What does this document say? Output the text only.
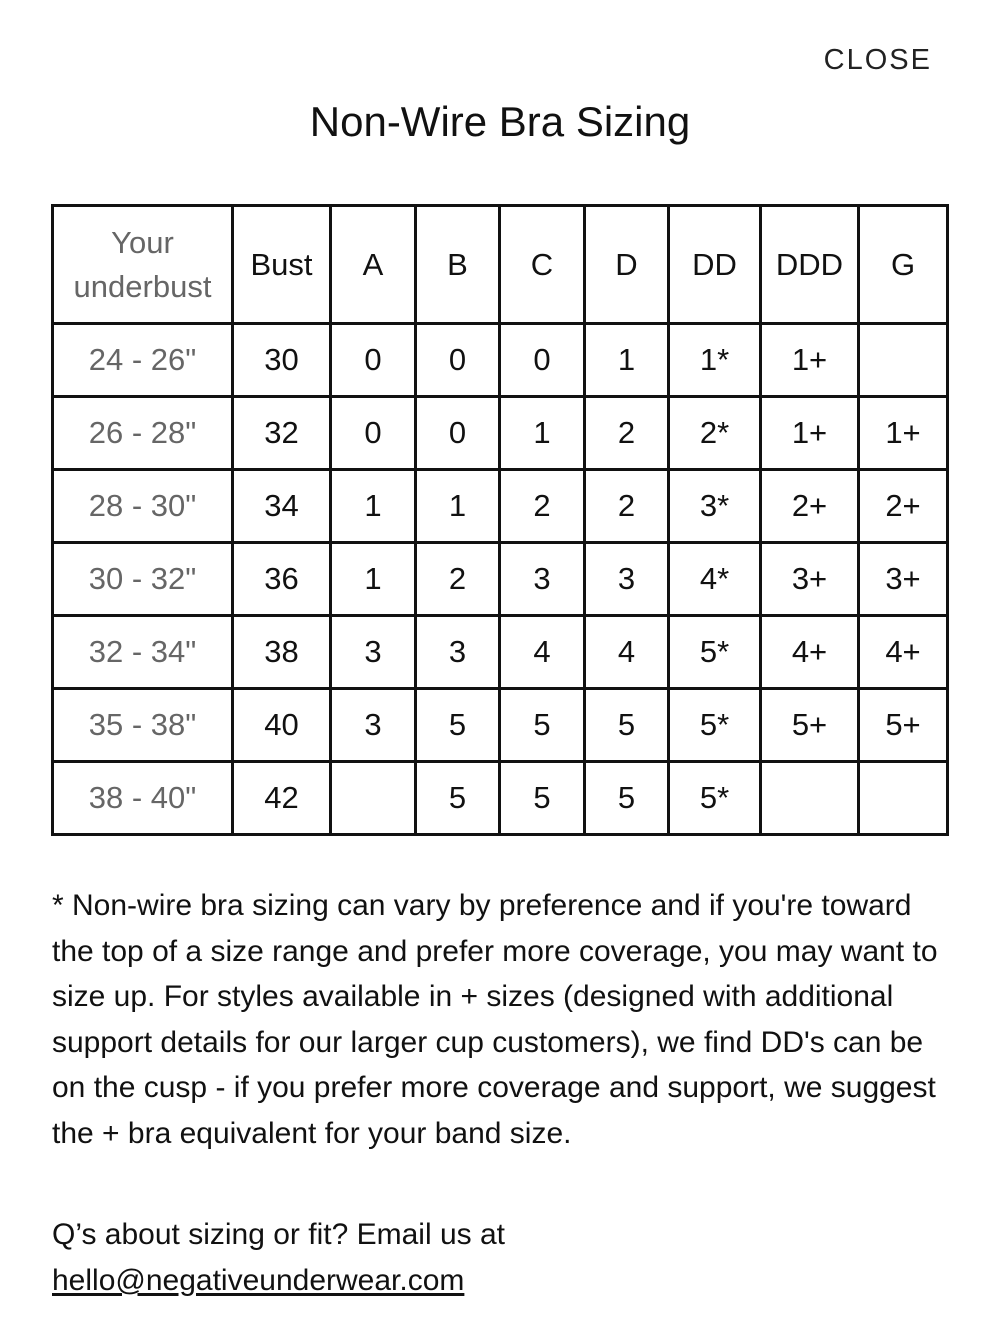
CLOSE
Non-Wire Bra Sizing
Your
underbust	Bust	A	B	C	D	DD	DDD	G
24 - 26"	30	0	0	0	1	1*	1+	
26 - 28"	32	0	0	1	2	2*	1+	1+
28 - 30"	34	1	1	2	2	3*	2+	2+
30 - 32"	36	1	2	3	3	4*	3+	3+
32 - 34"	38	3	3	4	4	5*	4+	4+
35 - 38"	40	3	5	5	5	5*	5+	5+
38 - 40"	42		5	5	5	5*		

* Non-wire bra sizing can vary by preference and if you're toward the top of a size range and prefer more coverage, you may want to size up. For styles available in + sizes (designed with additional support details for our larger cup customers), we find DD's can be on the cusp - if you prefer more coverage and support, we suggest the + bra equivalent for your band size.

Q’s about sizing or fit? Email us at
hello@negativeunderwear.com
